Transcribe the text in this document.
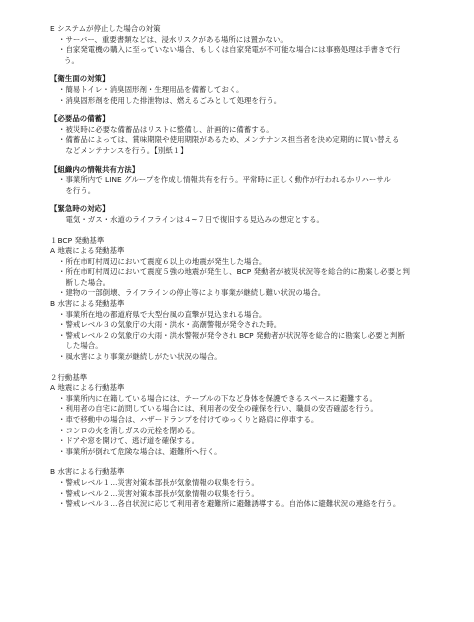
E システムが停止した場合の対策
・サーバー、重要書類などは、浸水リスクがある場所には置かない。
・自家発電機の購入に至っていない場合、もしくは自家発電が不可能な場合には事務処理は手書きで行
う。
【衛生面の対策】
・簡易トイレ・消臭固形剤・生理用品を備蓄しておく。
・消臭固形剤を使用した排泄物は、燃えるごみとして処理を行う。
【必要品の備蓄】
・被災時に必要な備蓄品はリストに整備し、計画的に備蓄する。
・備蓄品によっては、賞味期限や使用期限があるため、メンテナンス担当者を決め定期的に買い替える
　などメンテナンスを行う。【別紙１】
【組織内の情報共有方法】
・事業所内で LINE グループを作成し情報共有を行う。平常時に正しく動作が行われるかリハーサル
　を行う。
【緊急時の対応】
　電気・ガス・水道のライフラインは４~７日で復旧する見込みの想定とする。
１BCP 発動基準
A 地震による発動基準
・所在市町村周辺において震度６以上の地震が発生した場合。
・所在市町村周辺において震度５強の地震が発生し、BCP 発動者が被災状況等を総合的に勘案し必要と判
　断した場合。
・建物の一部倒壊、ライフラインの停止等により事業が継続し難い状況の場合。
B 水害による発動基準
・事業所在地の都道府県で大型台風の直撃が見込まれる場合。
・警戒レベル３の気象庁の大雨・洪水・高潮警報が発令された時。
・警戒レベル２の気象庁の大雨・洪水警報が発令され BCP 発動者が状況等を総合的に勘案し必要と判断
　した場合。
・風水害により事業が継続しがたい状況の場合。
２行動基準
A 地震による行動基準
・事業所内に在籍している場合には、テーブルの下など身体を保護できるスペースに避難する。
・利用者の自宅に訪問している場合には、利用者の安全の確保を行い、職員の安否確認を行う。
・車で移動中の場合は、ハザードランプを付けてゆっくりと路肩に停車する。
・コンロの火を消しガスの元栓を閉める。
・ドアや窓を開けて、逃げ道を確保する。
・事業所が倒れて危険な場合は、避難所へ行く。
B 水害による行動基準
・警戒レベル１…災害対策本部長が気象情報の収集を行う。
・警戒レベル２…災害対策本部長が気象情報の収集を行う。
・警戒レベル３…各自状況に応じて利用者を避難所に避難誘導する。自治体に避難状況の連絡を行う。
